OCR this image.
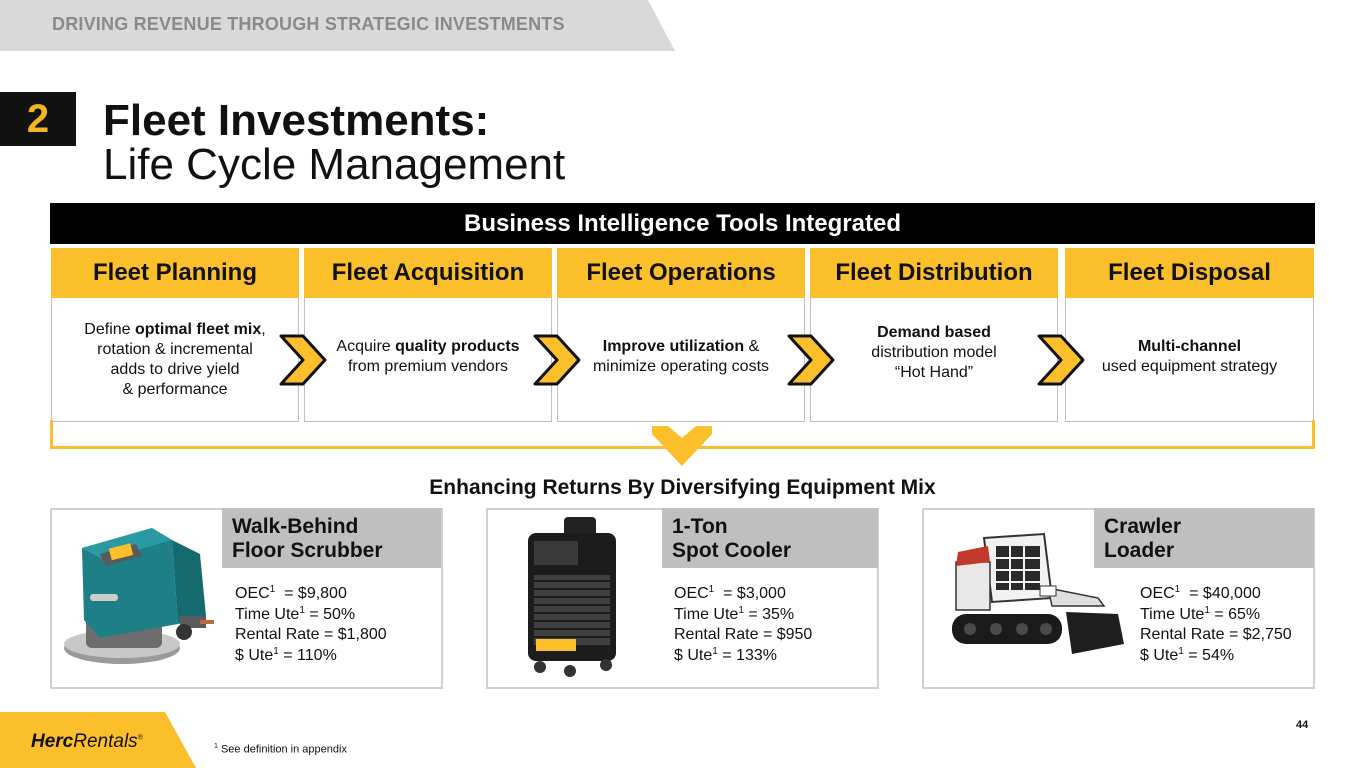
DRIVING REVENUE THROUGH STRATEGIC INVESTMENTS
2	Fleet Investments:
Life Cycle Management
Business Intelligence Tools Integrated
Fleet Planning	Fleet Acquisition	Fleet Operations	Fleet Distribution	Fleet Disposal
Define optimal fleet mix,
rotation & incremental
adds to drive yield
& performance
Acquire quality products
from premium vendors
Improve utilization &
minimize operating costs
Demand based
distribution model
“Hot Hand”
Multi-channel
used equipment strategy
Enhancing Returns By Diversifying Equipment Mix
Walk-Behind
Floor Scrubber
$OEC^1$ = $9,800
Time Ute$^1$ = 50%
Rental Rate = $1,800
$ Ute$^1$ = 110%
1-Ton
Spot Cooler
$OEC^1$ = $3,000
Time Ute$^1$ = 35%
Rental Rate = $950
$ Ute$^1$ = 133%
Crawler
Loader
$OEC^1$ = $40,000
Time Ute$^1$ = 65%
Rental Rate = $2,750
$ Ute$^1$ = 54%
HercRentals®
$^1$ See definition in appendix
44
